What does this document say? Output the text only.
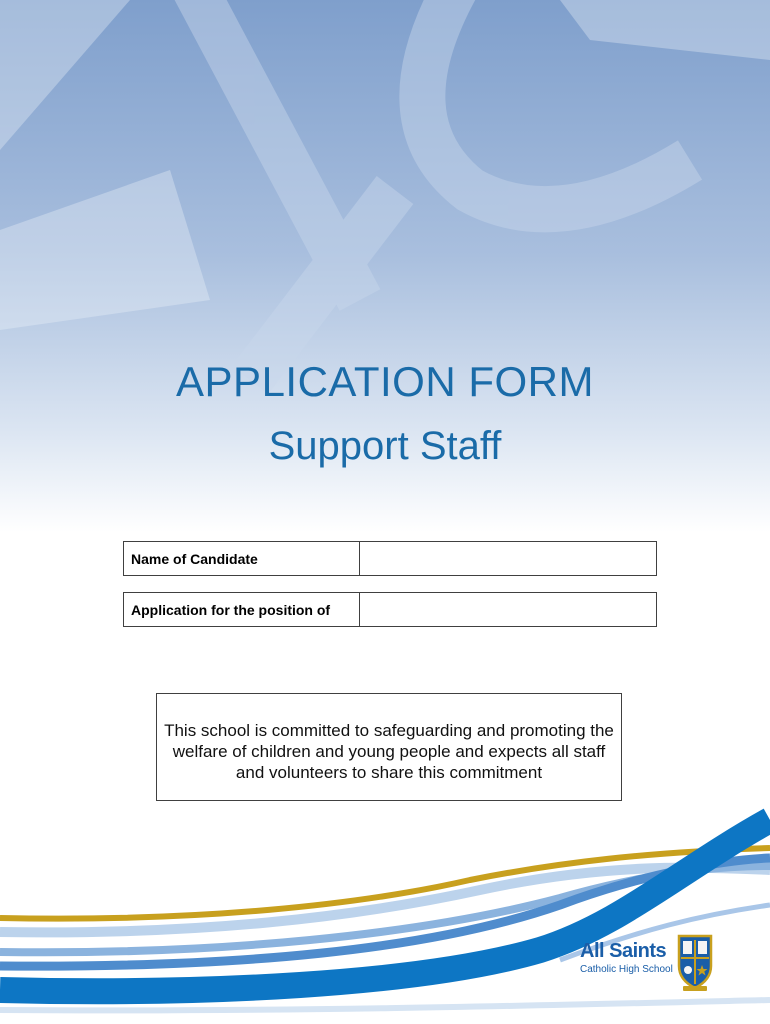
APPLICATION FORM
Support Staff
Name of Candidate
Application for the position of
This school is committed to safeguarding and promoting the welfare of children and young people and expects all staff and volunteers to share this commitment
All Saints
Catholic High School
